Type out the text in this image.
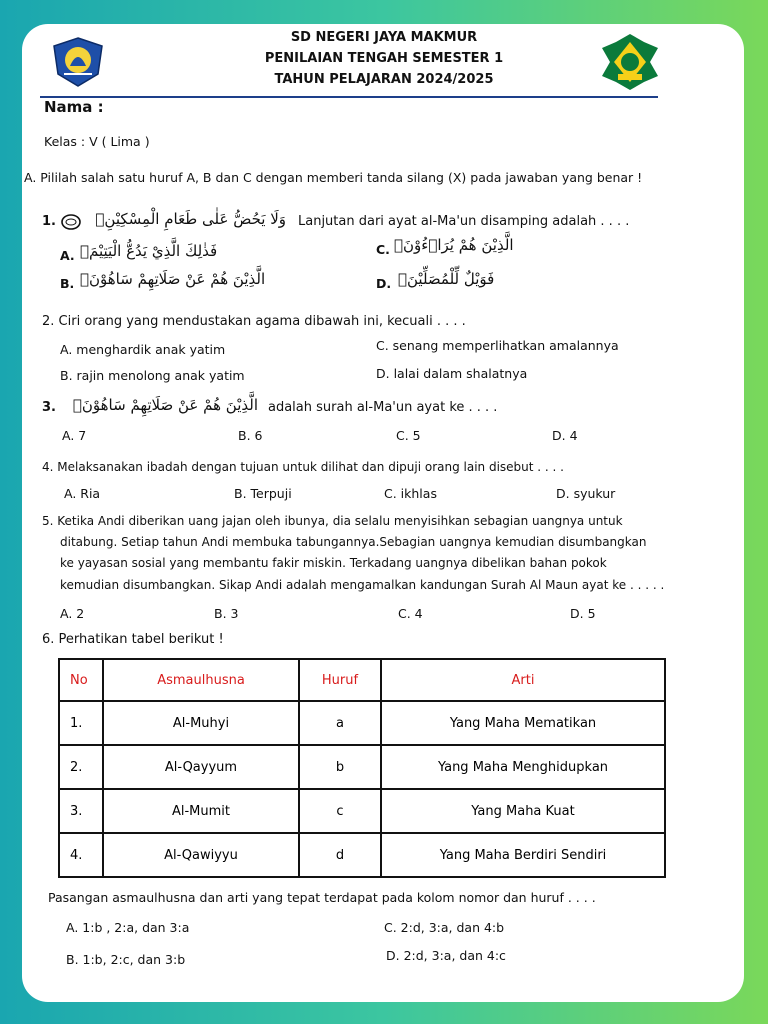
SD NEGERI JAYA MAKMUR
PENILAIAN TENGAH SEMESTER 1
TAHUN PELAJARAN 2024/2025
Nama :
Kelas : V ( Lima )
A. Pililah salah satu huruf A, B dan C dengan memberi tanda silang (X) pada jawaban yang benar !
1.	وَلَا يَحُضُّ عَلٰى طَعَامِ الْمِسْكِيْنِۗ Lanjutan dari ayat al-Ma'un disamping adalah . . . .
A. فَذٰلِكَ الَّذِيْ يَدُعُّ الْيَتِيْمَۙ
B. الَّذِيْنَ هُمْ عَنْ صَلَاتِهِمْ سَاهُوْنَۙ
C. الَّذِيْنَ هُمْ يُرَاۤءُوْنَۙ
D. فَوَيْلٌ لِّلْمُصَلِّيْنَۙ
2. Ciri orang yang mendustakan agama dibawah ini, kecuali . . . .
A. menghardik anak yatim
B. rajin menolong anak yatim
C. senang memperlihatkan amalannya
D. lalai dalam shalatnya
3.	الَّذِيْنَ هُمْ عَنْ صَلَاتِهِمْ سَاهُوْنَۙ adalah surah al-Ma'un ayat ke . . . .
A. 7	B. 6	C. 5	D. 4
4. Melaksanakan ibadah dengan tujuan untuk dilihat dan dipuji orang lain disebut . . . .
A. Ria	B. Terpuji	C. ikhlas	D. syukur
5. Ketika Andi diberikan uang jajan oleh ibunya, dia selalu menyisihkan sebagian uangnya untuk
ditabung. Setiap tahun Andi membuka tabungannya.Sebagian uangnya kemudian disumbangkan
ke yayasan sosial yang membantu fakir miskin. Terkadang uangnya dibelikan bahan pokok
kemudian disumbangkan. Sikap Andi adalah mengamalkan kandungan Surah Al Maun ayat ke . . . . .
A. 2	B. 3	C. 4	D. 5
6. Perhatikan tabel berikut !
No	Asmaulhusna	Huruf	Arti
1.	Al-Muhyi	a	Yang Maha Mematikan
2.	Al-Qayyum	b	Yang Maha Menghidupkan
3.	Al-Mumit	c	Yang Maha Kuat
4.	Al-Qawiyyu	d	Yang Maha Berdiri Sendiri
Pasangan asmaulhusna dan arti yang tepat terdapat pada kolom nomor dan huruf . . . .
A. 1:b , 2:a, dan 3:a
B. 1:b, 2:c, dan 3:b
C. 2:d, 3:a, dan 4:b
D. 2:d, 3:a, dan 4:c
